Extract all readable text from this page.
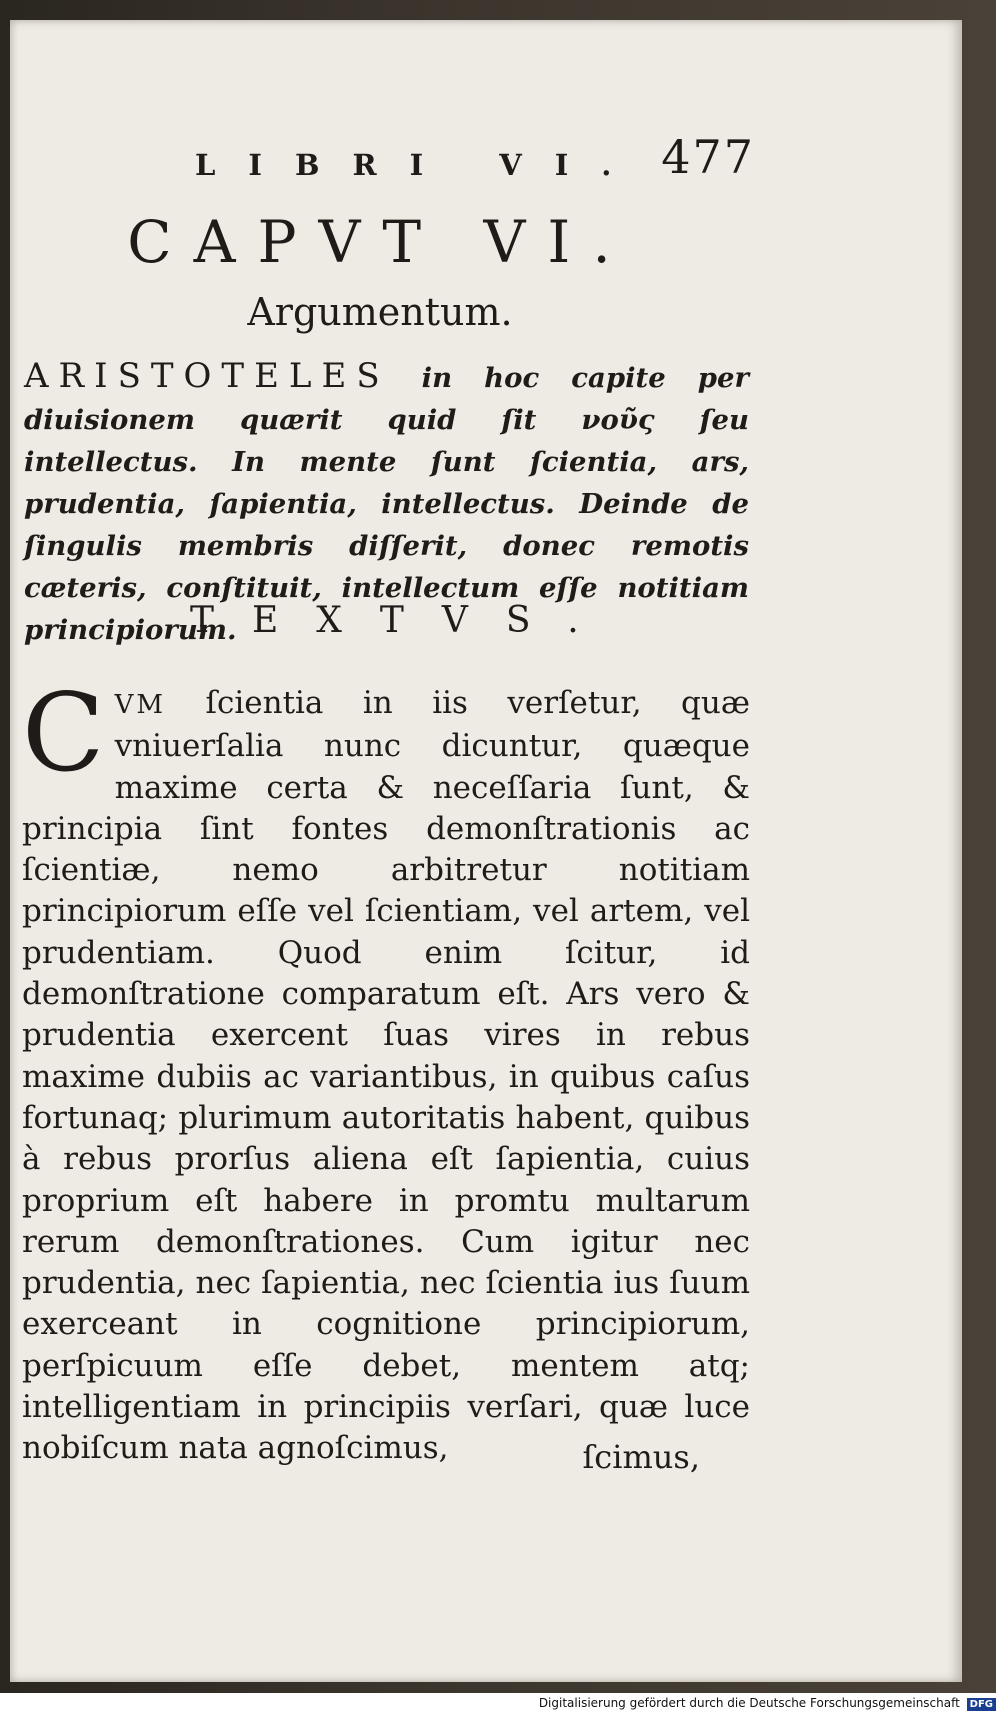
LIBRI VI. 477
CAPVT VI.
Argumentum.
ARISTOTELES in hoc capite per diuisionem quærit quid ſit νοῦς ſeu intellectus. In mente ſunt ſcientia, ars, prudentia, ſapientia, intellectus. Deinde de ſingulis membris diſſerit, donec remotis cæteris, conſtituit, intellectum eſſe notitiam principiorum.
TEXTVS.
C VM ſcientia in iis verſetur, quæ vniuerſalia nunc dicuntur, quæque maxime certa & neceſſaria ſunt, & principia ſint fontes demonſtrationis ac ſcientiæ, nemo arbitretur notitiam principiorum eſſe vel ſcientiam, vel artem, vel prudentiam. Quod enim ſcitur, id demonſtratione comparatum eſt. Ars vero & prudentia exercent ſuas vires in rebus maxime dubiis ac variantibus, in quibus caſus fortunaq; plurimum autoritatis habent, quibus à rebus prorſus aliena eſt ſapientia, cuius proprium eſt habere in promtu multarum rerum demonſtrationes. Cum igitur nec prudentia, nec ſapientia, nec ſcientia ius ſuum exerceant in cognitione principiorum, perſpicuum eſſe debet, mentem atq; intelligentiam in principiis verſari, quæ luce nobiſcum nata agnoſcimus,	ſcimus,
Digitalisierung gefördert durch die Deutsche Forschungsgemeinschaft DFG
